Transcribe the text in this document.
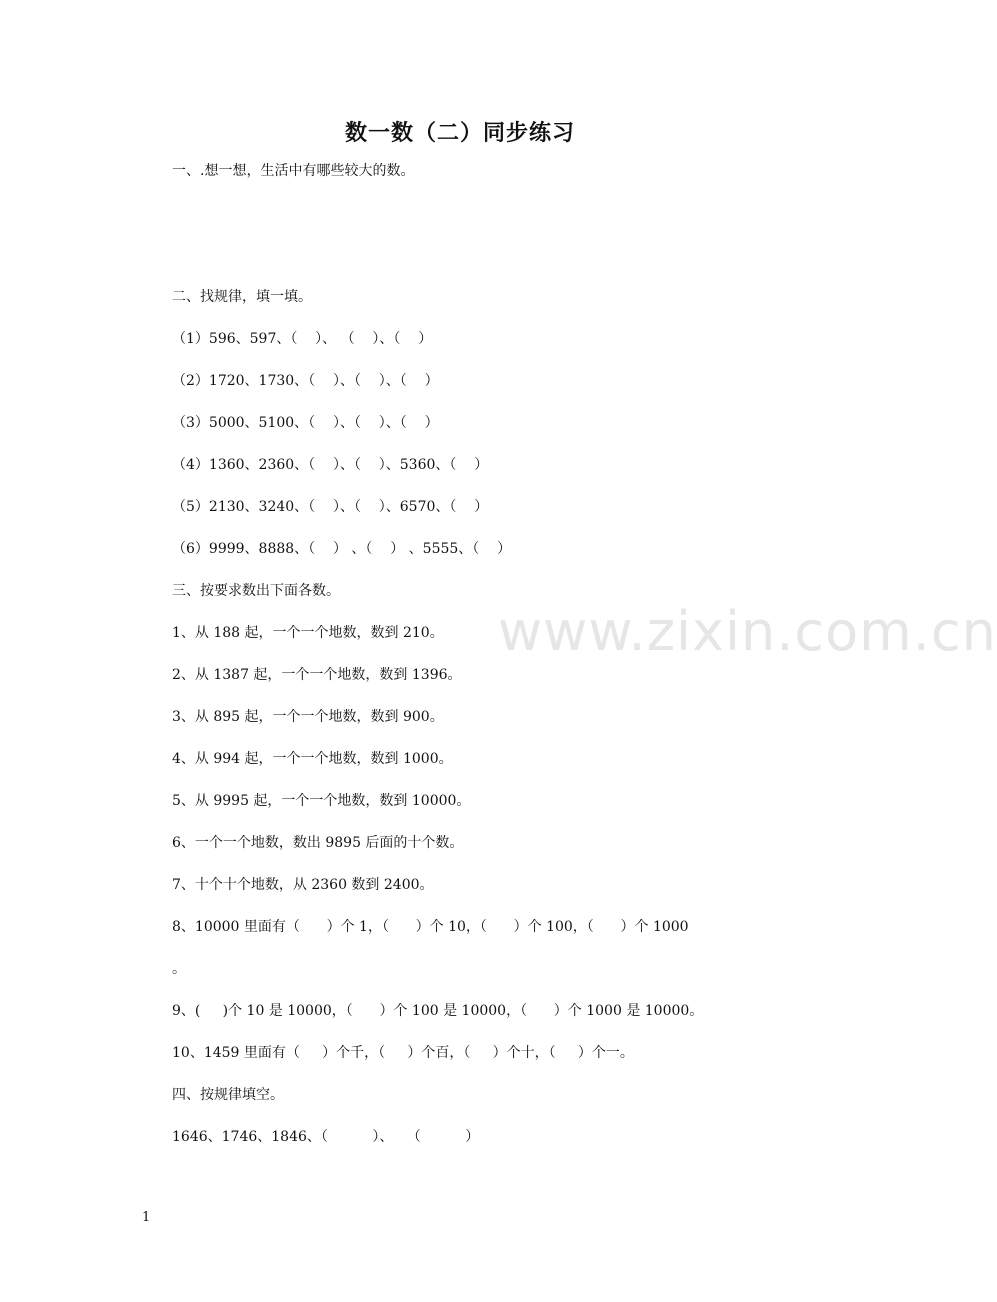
数一数（二）同步练习
www.zixin.com.cn
一、.想一想，生活中有哪些较大的数。
二、找规律，填一填。
（1）596、597、（    ）、 （    ）、（    ）
（2）1720、1730、（    ）、（    ）、（    ）
（3）5000、5100、（    ）、（    ）、（    ）
（4）1360、2360、（    ）、（    ）、5360、（    ）
（5）2130、3240、（    ）、（    ）、6570、（    ）
（6）9999、8888、（    ） 、（    ） 、5555、（    ）
三、按要求数出下面各数。
1、从 188 起，一个一个地数，数到 210。
2、从 1387 起，一个一个地数，数到 1396。
3、从 895 起，一个一个地数，数到 900。
4、从 994 起，一个一个地数，数到 1000。
5、从 9995 起，一个一个地数，数到 10000。
6、一个一个地数，数出 9895 后面的十个数。
7、十个十个地数，从 2360 数到 2400。
8、10000 里面有（      ）个 1，（      ）个 10，（      ）个 100，（      ）个 1000
。
9、(     )个 10 是 10000，（      ）个 100 是 10000，（      ）个 1000 是 10000。
10、1459 里面有（     ）个千，（     ）个百，（     ）个十，（     ）个一。
四、按规律填空。
1646、1746、1846、（          ）、   （          ）
1
